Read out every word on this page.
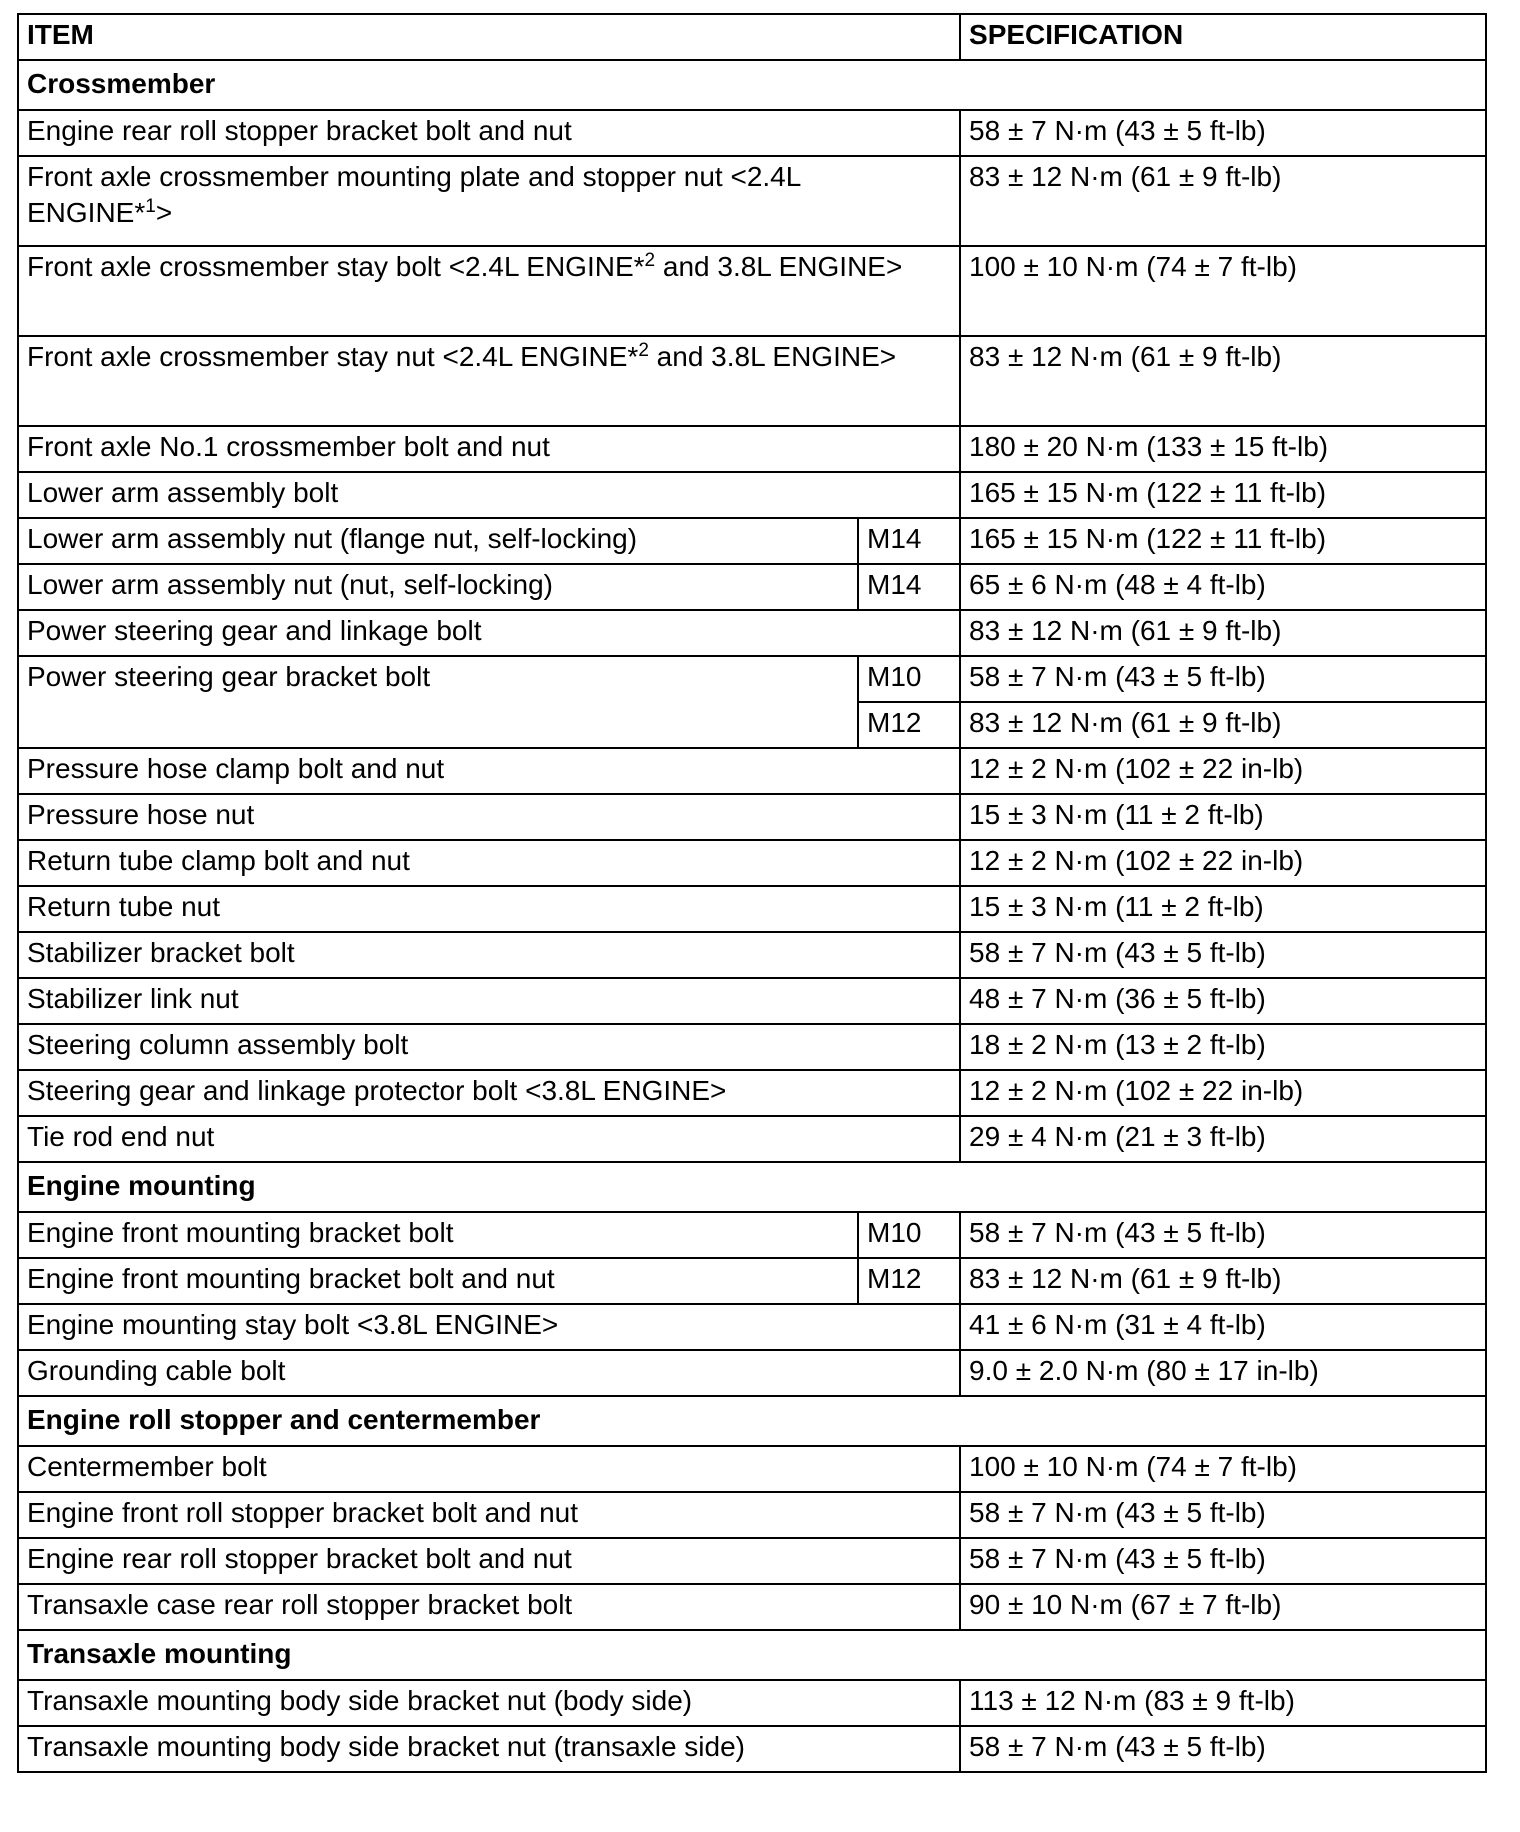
ITEM		SPECIFICATION
Crossmember		
Engine rear roll stopper bracket bolt and nut		58 ± 7 N·m (43 ± 5 ft-lb)
Front axle crossmember mounting plate and stopper nut <2.4L ENGINE*$^1$>		83 ± 12 N·m (61 ± 9 ft-lb)
Front axle crossmember stay bolt <2.4L ENGINE*$^2$ and 3.8L ENGINE>		100 ± 10 N·m (74 ± 7 ft-lb)
Front axle crossmember stay nut <2.4L ENGINE*$^2$ and 3.8L ENGINE>		83 ± 12 N·m (61 ± 9 ft-lb)
Front axle No.1 crossmember bolt and nut		180 ± 20 N·m (133 ± 15 ft-lb)
Lower arm assembly bolt		165 ± 15 N·m (122 ± 11 ft-lb)
Lower arm assembly nut (flange nut, self-locking)	M14	165 ± 15 N·m (122 ± 11 ft-lb)
Lower arm assembly nut (nut, self-locking)	M14	65 ± 6 N·m (48 ± 4 ft-lb)
Power steering gear and linkage bolt		83 ± 12 N·m (61 ± 9 ft-lb)
Power steering gear bracket bolt	M10	58 ± 7 N·m (43 ± 5 ft-lb)
	M12	83 ± 12 N·m (61 ± 9 ft-lb)
Pressure hose clamp bolt and nut		12 ± 2 N·m (102 ± 22 in-lb)
Pressure hose nut		15 ± 3 N·m (11 ± 2 ft-lb)
Return tube clamp bolt and nut		12 ± 2 N·m (102 ± 22 in-lb)
Return tube nut		15 ± 3 N·m (11 ± 2 ft-lb)
Stabilizer bracket bolt		58 ± 7 N·m (43 ± 5 ft-lb)
Stabilizer link nut		48 ± 7 N·m (36 ± 5 ft-lb)
Steering column assembly bolt		18 ± 2 N·m (13 ± 2 ft-lb)
Steering gear and linkage protector bolt <3.8L ENGINE>		12 ± 2 N·m (102 ± 22 in-lb)
Tie rod end nut		29 ± 4 N·m (21 ± 3 ft-lb)
Engine mounting		
Engine front mounting bracket bolt	M10	58 ± 7 N·m (43 ± 5 ft-lb)
Engine front mounting bracket bolt and nut	M12	83 ± 12 N·m (61 ± 9 ft-lb)
Engine mounting stay bolt <3.8L ENGINE>		41 ± 6 N·m (31 ± 4 ft-lb)
Grounding cable bolt		9.0 ± 2.0 N·m (80 ± 17 in-lb)
Engine roll stopper and centermember		
Centermember bolt		100 ± 10 N·m (74 ± 7 ft-lb)
Engine front roll stopper bracket bolt and nut		58 ± 7 N·m (43 ± 5 ft-lb)
Engine rear roll stopper bracket bolt and nut		58 ± 7 N·m (43 ± 5 ft-lb)
Transaxle case rear roll stopper bracket bolt		90 ± 10 N·m (67 ± 7 ft-lb)
Transaxle mounting		
Transaxle mounting body side bracket nut (body side)		113 ± 12 N·m (83 ± 9 ft-lb)
Transaxle mounting body side bracket nut (transaxle side)		58 ± 7 N·m (43 ± 5 ft-lb)
